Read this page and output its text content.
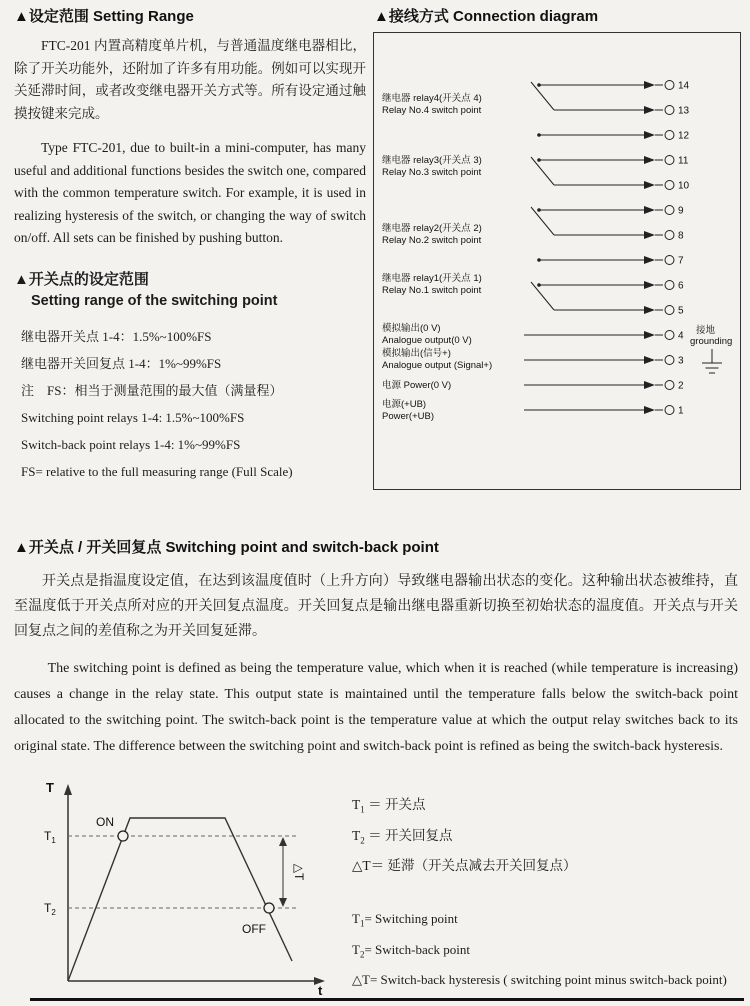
▲设定范围 Setting Range

FTC-201 内置高精度单片机，与普通温度继电器相比，除了开关功能外，还附加了许多有用功能。例如可以实现开关延滞时间，或者改变继电器开关方式等。所有设定通过触摸按键来完成。

Type FTC-201, due to built-in a mini-computer, has many useful and additional functions besides the switch one, compared with the common temperature switch. For example, it is used in realizing hysteresis of the switch, or changing the way of switch on/off. All sets can be finished by pushing button.

▲开关点的设定范围
Setting range of the switching point
继电器开关点 1-4：1.5%~100%FS
继电器开关回复点 1-4：1%~99%FS
注　FS：相当于测量范围的最大值（满量程）
Switching point relays 1-4: 1.5%~100%FS
Switch-back point relays 1-4: 1%~99%FS
FS= relative to the full measuring range (Full Scale)
▲接线方式 Connection diagram
继电器 relay4(开关点 4)
Relay No.4 switch point
继电器 relay3(开关点 3)
Relay No.3 switch point
继电器 relay2(开关点 2)
Relay No.2 switch point
继电器 relay1(开关点 1)
Relay No.1 switch point
模拟输出(0 V)
Analogue output(0 V)
模拟输出(信号+)
Analogue output (Signal+)
电源 Power(0 V)
电源(+UB)
Power(+UB)
14
13
12
11
10
9
8
7
6
5
4
3
2
1
接地
grounding
▲开关点 / 开关回复点 Switching point and switch-back point

开关点是指温度设定值，在达到该温度值时（上升方向）导致继电器输出状态的变化。这种输出状态被维持，直至温度低于开关点所对应的开关回复点温度。开关回复点是输出继电器重新切换至初始状态的温度值。开关点与开关回复点之间的差值称之为开关回复延滞。

The switching point is defined as being the temperature value, which when it is reached (while temperature is increasing) causes a change in the relay state. This output state is maintained until the temperature falls below the switch-back point allocated to the switching point. The switch-back point is the temperature value at which the output relay switches back to its original state. The difference between the switching point and switch-back point is refined as being the switch-back hysteresis.

T
t
$T_1$
$T_2$
ON
OFF
△T
$T_1$ ＝ 开关点
$T_2$ ＝ 开关回复点
△T＝ 延滞（开关点减去开关回复点）
$T_1=$ Switching point
$T_2=$ Switch-back point
△T= Switch-back hysteresis ( switching point minus switch-back point)
